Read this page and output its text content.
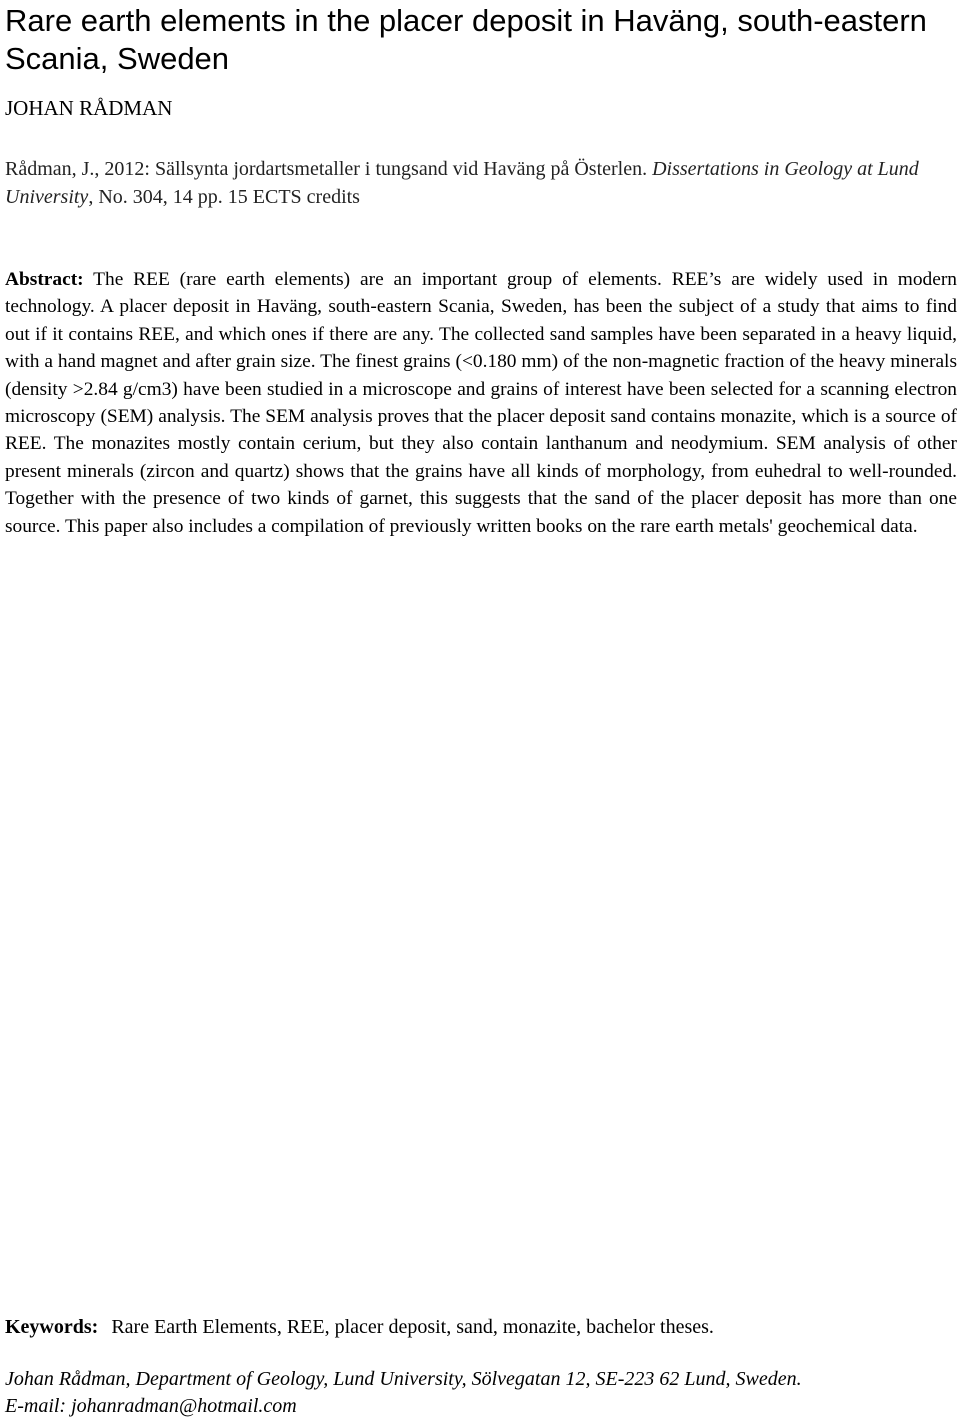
Rare earth elements in the placer deposit in Haväng, south-eastern Scania, Sweden
JOHAN RÅDMAN

Rådman, J., 2012: Sällsynta jordartsmetaller i tungsand vid Haväng på Österlen. Dissertations in Geology at Lund University, No. 304, 14 pp. 15 ECTS credits

Abstract: The REE (rare earth elements) are an important group of elements. REE’s are widely used in modern technology. A placer deposit in Haväng, south-eastern Scania, Sweden, has been the subject of a study that aims to find out if it contains REE, and which ones if there are any. The collected sand samples have been separated in a heavy liquid, with a hand magnet and after grain size. The finest grains (<0.180 mm) of the non-magnetic fraction of the heavy minerals (density >2.84 g/cm3) have been studied in a microscope and grains of interest have been selected for a scanning electron microscopy (SEM) analysis. The SEM analysis proves that the placer deposit sand contains monazite, which is a source of REE. The monazites mostly contain cerium, but they also contain lanthanum and neodymium. SEM analysis of other present minerals (zircon and quartz) shows that the grains have all kinds of morphology, from euhedral to well-rounded. Together with the presence of two kinds of garnet, this suggests that the sand of the placer deposit has more than one source. This paper also includes a compilation of previously written books on the rare earth metals' geochemical data.

Keywords: Rare Earth Elements, REE, placer deposit, sand, monazite, bachelor theses.

Johan Rådman, Department of Geology, Lund University, Sölvegatan 12, SE-223 62 Lund, Sweden.
E-mail: johanradman@hotmail.com
